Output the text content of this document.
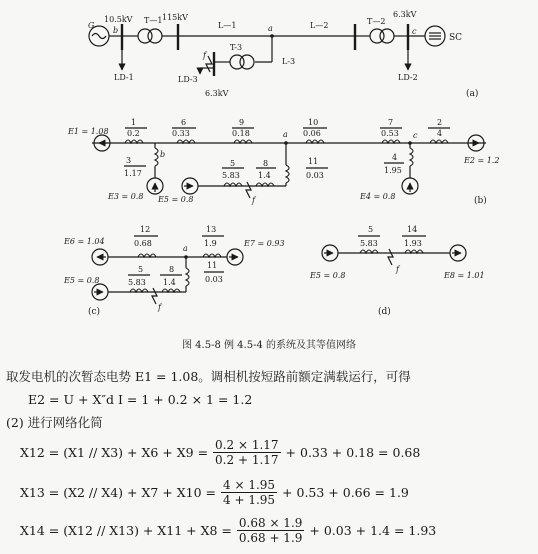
G
10.5kV
b
LD-1
T—1 115kV
L—1	a	L—2	T—2
6.3kV
c
SC
LD-2
L-3
T-3
f
LD-3
6.3kV	(a)
E1 = 1.08
1
0.2
6
0.33
9
0.18	a
10
0.06
7
0.53 c
2
4
E2 = 1.2
3
1.17
b
E3 = 0.8
11
0.03
5
5.83
8
1.4
f
E5 = 0.8
4
1.95
E4 = 0.8	(b)
E6 = 1.04
12
0.68
a
13
1.9	E7 = 0.93
11
0.03
E5 = 0.8
5
5.83
8
1.4
f
(c)
E5 = 0.8
5
5.83
14
1.93
f
E8 = 1.01
(d)
图 4.5-8 例 4.5-4 的系统及其等值网络
取发电机的次暂态电势 E1 = 1.08。调相机按短路前额定满载运行，可得
E2 = U + X″d I = 1 + 0.2 × 1 = 1.2
(2) 进行网络化简
$X12 = (X1 // X3) + X6 + X9 = \frac{0.2 \times 1.17}{0.2 + 1.17} + 0.33 + 0.18 = 0.68$
$X13 = (X2 // X4) + X7 + X10 = \frac{4 \times 1.95}{4 + 1.95} + 0.53 + 0.66 = 1.9$
$X14 = (X12 // X13) + X11 + X8 = \frac{0.68 \times 1.9}{0.68 + 1.9} + 0.03 + 1.4 = 1.93$
